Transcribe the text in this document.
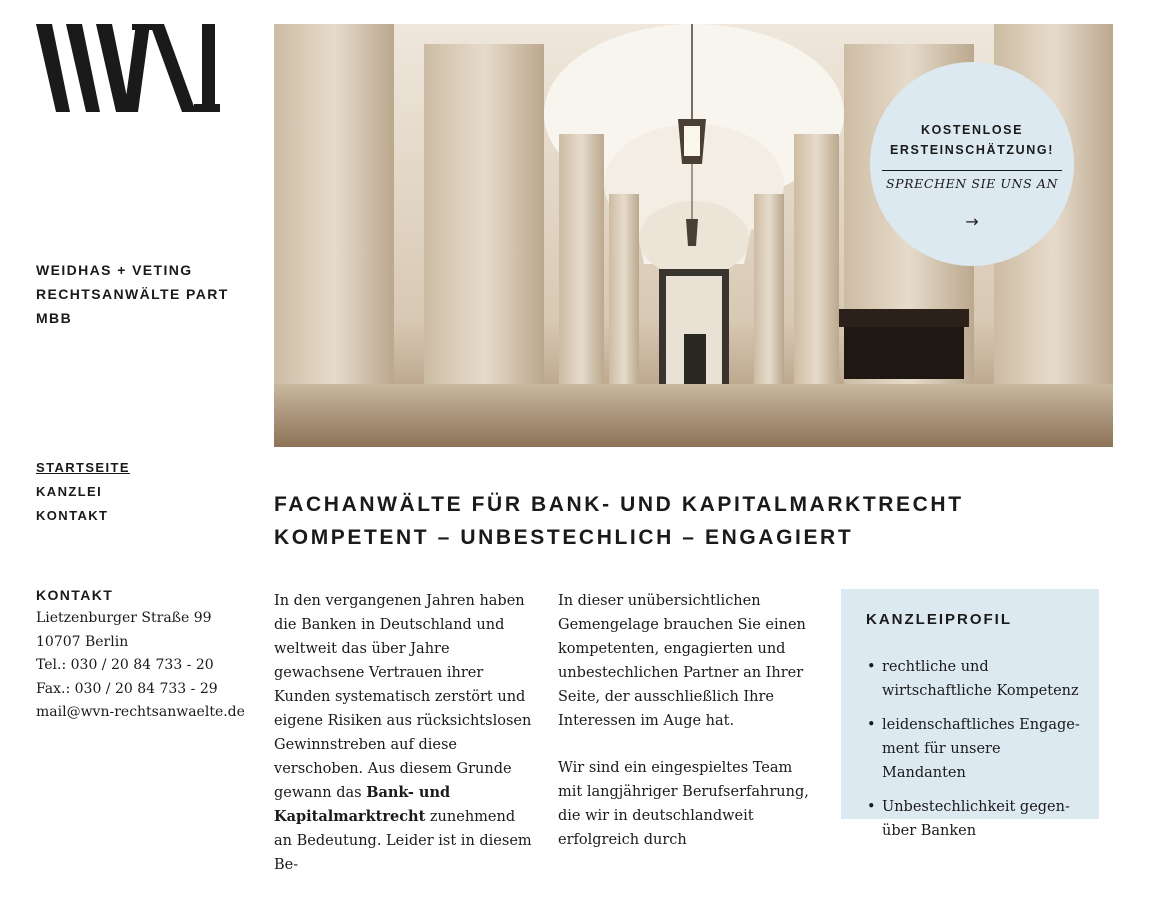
WEIDHAS + VETING
RECHTSANWÄLTE PART
MBB
STARTSEITE
KANZLEI
KONTAKT
KONTAKT
Lietzenburger Straße 99
10707 Berlin
Tel.: 030 / 20 84 733 - 20
Fax.: 030 / 20 84 733 - 29
mail@wvn-rechtsanwaelte.de
KOSTENLOSE
ERSTEINSCHÄTZUNG!
SPRECHEN SIE UNS AN
→
FACHANWÄLTE FÜR BANK- UND KAPITALMARKTRECHT
KOMPETENT – UNBESTECHLICH – ENGAGIERT

In den vergangenen Jahren haben die Banken in Deutschland und weltweit das über Jahre gewachsene Vertrauen ihrer Kunden systematisch zerstört und eigene Risiken aus rücksichtslosen Gewinnstreben auf diese verschoben. Aus diesem Grunde gewann das Bank- und Kapitalmarktrecht zunehmend an Bedeutung. Leider ist in diesem Be-

In dieser unübersichtlichen Gemengelage brauchen Sie einen kompetenten, engagierten und unbestechlichen Partner an Ihrer Seite, der ausschließlich Ihre Interessen im Auge hat.

Wir sind ein eingespieltes Team mit langjähriger Berufserfahrung, die wir in deutschlandweit erfolgreich durch

KANZLEIPROFIL
• rechtliche und wirtschaftliche Kompetenz
• leidenschaftliches Engagement für unsere Mandanten
• Unbestechlichkeit gegenüber Banken
